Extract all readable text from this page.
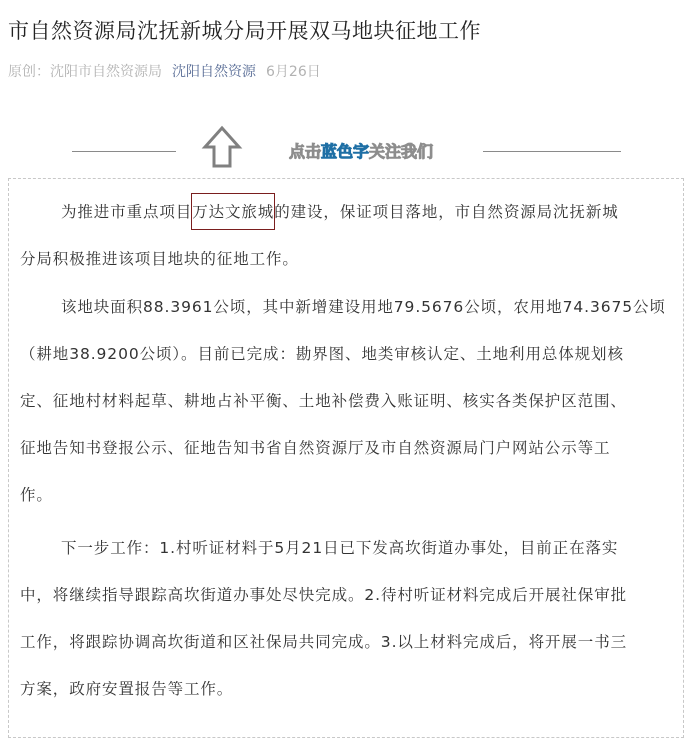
市自然资源局沈抚新城分局开展双马地块征地工作
原创：沈阳市自然资源局 沈阳自然资源 6月26日
点击蓝色字关注我们
为推进市重点项目万达文旅城的建设，保证项目落地，市自然资源局沈抚新城
分局积极推进该项目地块的征地工作。
该地块面积88.3961公顷，其中新增建设用地79.5676公顷，农用地74.3675公顷
（耕地38.9200公顷）。目前已完成：勘界图、地类审核认定、土地利用总体规划核
定、征地村材料起草、耕地占补平衡、土地补偿费入账证明、核实各类保护区范围、
征地告知书登报公示、征地告知书省自然资源厅及市自然资源局门户网站公示等工
作。
下一步工作：1.村听证材料于5月21日已下发高坎街道办事处，目前正在落实
中，将继续指导跟踪高坎街道办事处尽快完成。2.待村听证材料完成后开展社保审批
工作，将跟踪协调高坎街道和区社保局共同完成。3.以上材料完成后，将开展一书三
方案，政府安置报告等工作。
